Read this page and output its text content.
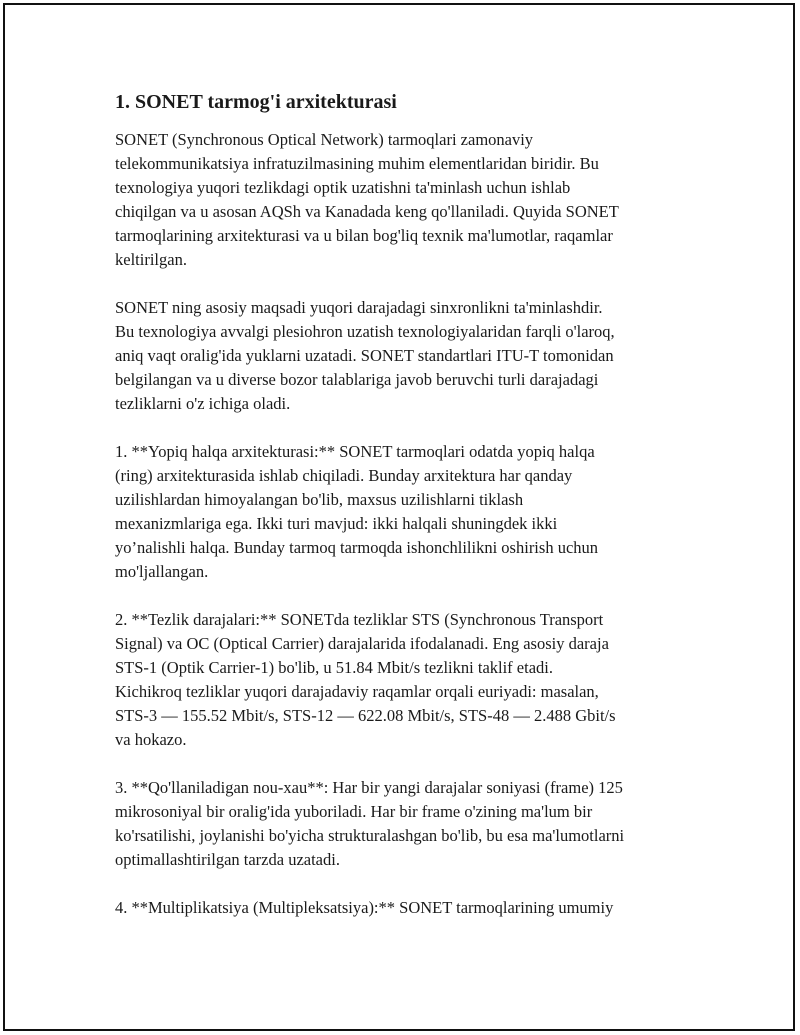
1. SONET tarmog'i arxitekturasi
SONET (Synchronous Optical Network) tarmoqlari zamonaviy
telekommunikatsiya infratuzilmasining muhim elementlaridan biridir. Bu
texnologiya yuqori tezlikdagi optik uzatishni ta'minlash uchun ishlab
chiqilgan va u asosan AQSh va Kanadada keng qo'llaniladi. Quyida SONET
tarmoqlarining arxitekturasi va u bilan bog'liq texnik ma'lumotlar, raqamlar
keltirilgan.
SONET ning asosiy maqsadi yuqori darajadagi sinxronlikni ta'minlashdir.
Bu texnologiya avvalgi plesiohron uzatish texnologiyalaridan farqli o'laroq,
aniq vaqt oralig'ida yuklarni uzatadi. SONET standartlari ITU-T tomonidan
belgilangan va u diverse bozor talablariga javob beruvchi turli darajadagi
tezliklarni o'z ichiga oladi.
1. **Yopiq halqa arxitekturasi:** SONET tarmoqlari odatda yopiq halqa
(ring) arxitekturasida ishlab chiqiladi. Bunday arxitektura har qanday
uzilishlardan himoyalangan bo'lib, maxsus uzilishlarni tiklash
mexanizmlariga ega. Ikki turi mavjud: ikki halqali shuningdek ikki
yo’nalishli halqa. Bunday tarmoq tarmoqda ishonchlilikni oshirish uchun
mo'ljallangan.
2. **Tezlik darajalari:** SONETda tezliklar STS (Synchronous Transport
Signal) va OC (Optical Carrier) darajalarida ifodalanadi. Eng asosiy daraja
STS-1 (Optik Carrier-1) bo'lib, u 51.84 Mbit/s tezlikni taklif etadi.
Kichikroq tezliklar yuqori darajadaviy raqamlar orqali euriyadi: masalan,
STS-3 — 155.52 Mbit/s, STS-12 — 622.08 Mbit/s, STS-48 — 2.488 Gbit/s
va hokazo.
3. **Qo'llaniladigan nou-xau**: Har bir yangi darajalar soniyasi (frame) 125
mikrosoniyal bir oralig'ida yuboriladi. Har bir frame o'zining ma'lum bir
ko'rsatilishi, joylanishi bo'yicha strukturalashgan bo'lib, bu esa ma'lumotlarni
optimallashtirilgan tarzda uzatadi.
4. **Multiplikatsiya (Multipleksatsiya):** SONET tarmoqlarining umumiy
